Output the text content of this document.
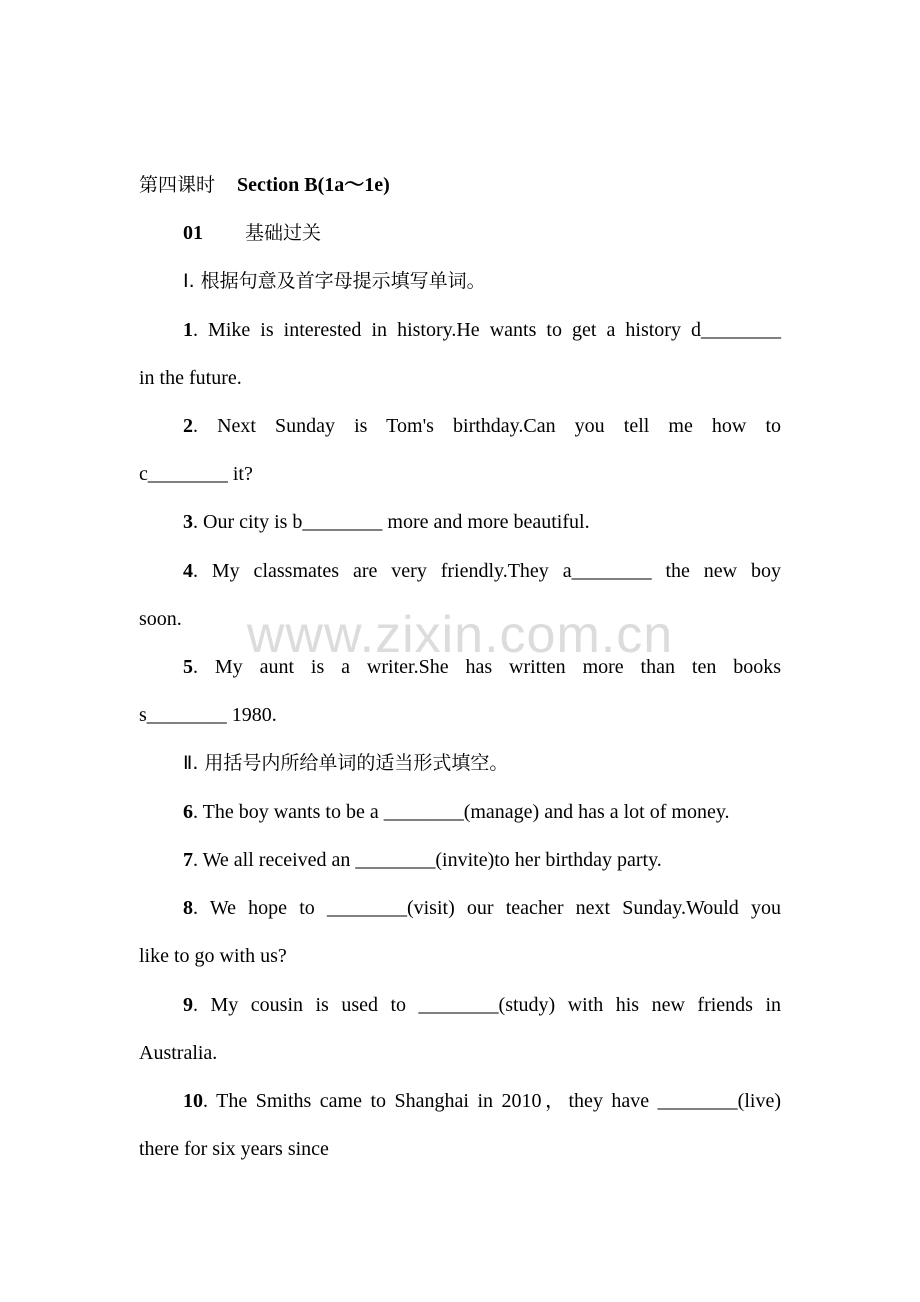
第四课时 Section B(1a～1e)
01 基础过关
Ⅰ. 根据句意及首字母提示填写单词。
1. Mike is interested in history.He wants to get a history d________
in the future.
2. Next Sunday is Tom's birthday.Can you tell me how to
c________ it?
3. Our city is b________ more and more beautiful.
4. My classmates are very friendly.They a________ the new boy
soon.
5. My aunt is a writer.She has written more than ten books
s________ 1980.
Ⅱ. 用括号内所给单词的适当形式填空。
6. The boy wants to be a ________(manage) and has a lot of money.
7. We all received an ________(invite)to her birthday party.
8. We hope to ________(visit) our teacher next Sunday.Would you
like to go with us?
9. My cousin is used to ________(study) with his new friends in
Australia.
10. The Smiths came to Shanghai in 2010，they have ________(live)
there for six years since
www.zixin.com.cn
